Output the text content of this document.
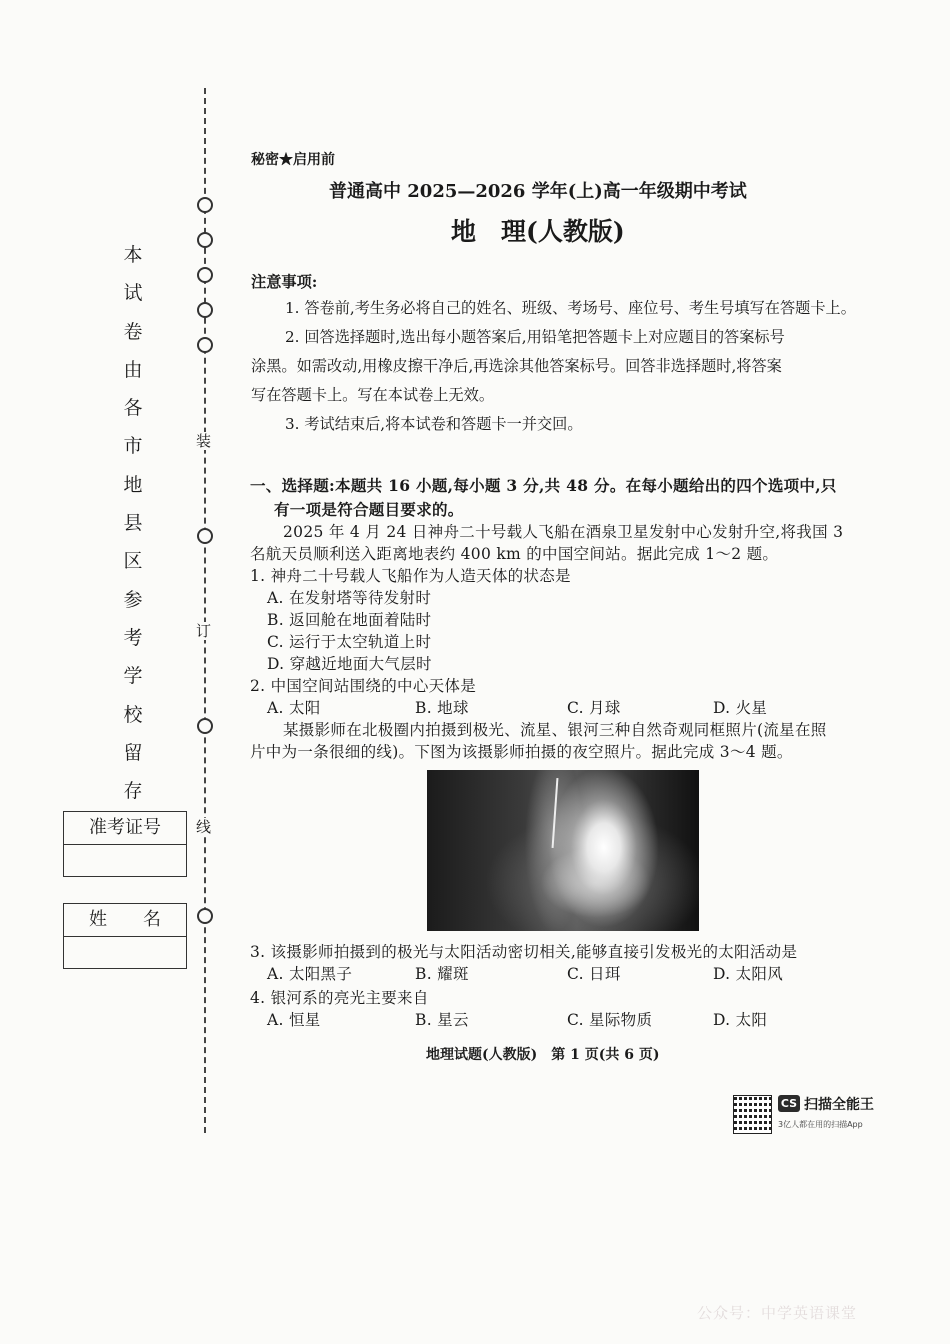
装
订
线
本
试
卷
由
各
市
地
县
区
参
考
学
校
留
存
准考证号
姓　　名
秘密★启用前
普通高中 2025—2026 学年(上)高一年级期中考试
地　理(人教版)
注意事项:
1. 答卷前,考生务必将自己的姓名、班级、考场号、座位号、考生号填写在答题卡上。
2. 回答选择题时,选出每小题答案后,用铅笔把答题卡上对应题目的答案标号
涂黑。如需改动,用橡皮擦干净后,再选涂其他答案标号。回答非选择题时,将答案
写在答题卡上。写在本试卷上无效。
3. 考试结束后,将本试卷和答题卡一并交回。
一、选择题:本题共 16 小题,每小题 3 分,共 48 分。在每小题给出的四个选项中,只
有一项是符合题目要求的。
2025 年 4 月 24 日神舟二十号载人飞船在酒泉卫星发射中心发射升空,将我国 3
名航天员顺利送入距离地表约 400 km 的中国空间站。据此完成 1～2 题。
1. 神舟二十号载人飞船作为人造天体的状态是
A. 在发射塔等待发射时
B. 返回舱在地面着陆时
C. 运行于太空轨道上时
D. 穿越近地面大气层时
2. 中国空间站围绕的中心天体是
A. 太阳	B. 地球	C. 月球	D. 火星
某摄影师在北极圈内拍摄到极光、流星、银河三种自然奇观同框照片(流星在照
片中为一条很细的线)。下图为该摄影师拍摄的夜空照片。据此完成 3～4 题。
3. 该摄影师拍摄到的极光与太阳活动密切相关,能够直接引发极光的太阳活动是
A. 太阳黑子	B. 耀斑	C. 日珥	D. 太阳风
4. 银河系的亮光主要来自
A. 恒星	B. 星云	C. 星际物质	D. 太阳
地理试题(人教版)　第 1 页(共 6 页)
CS 扫描全能王
3亿人都在用的扫描App
公众号：中学英语课堂
